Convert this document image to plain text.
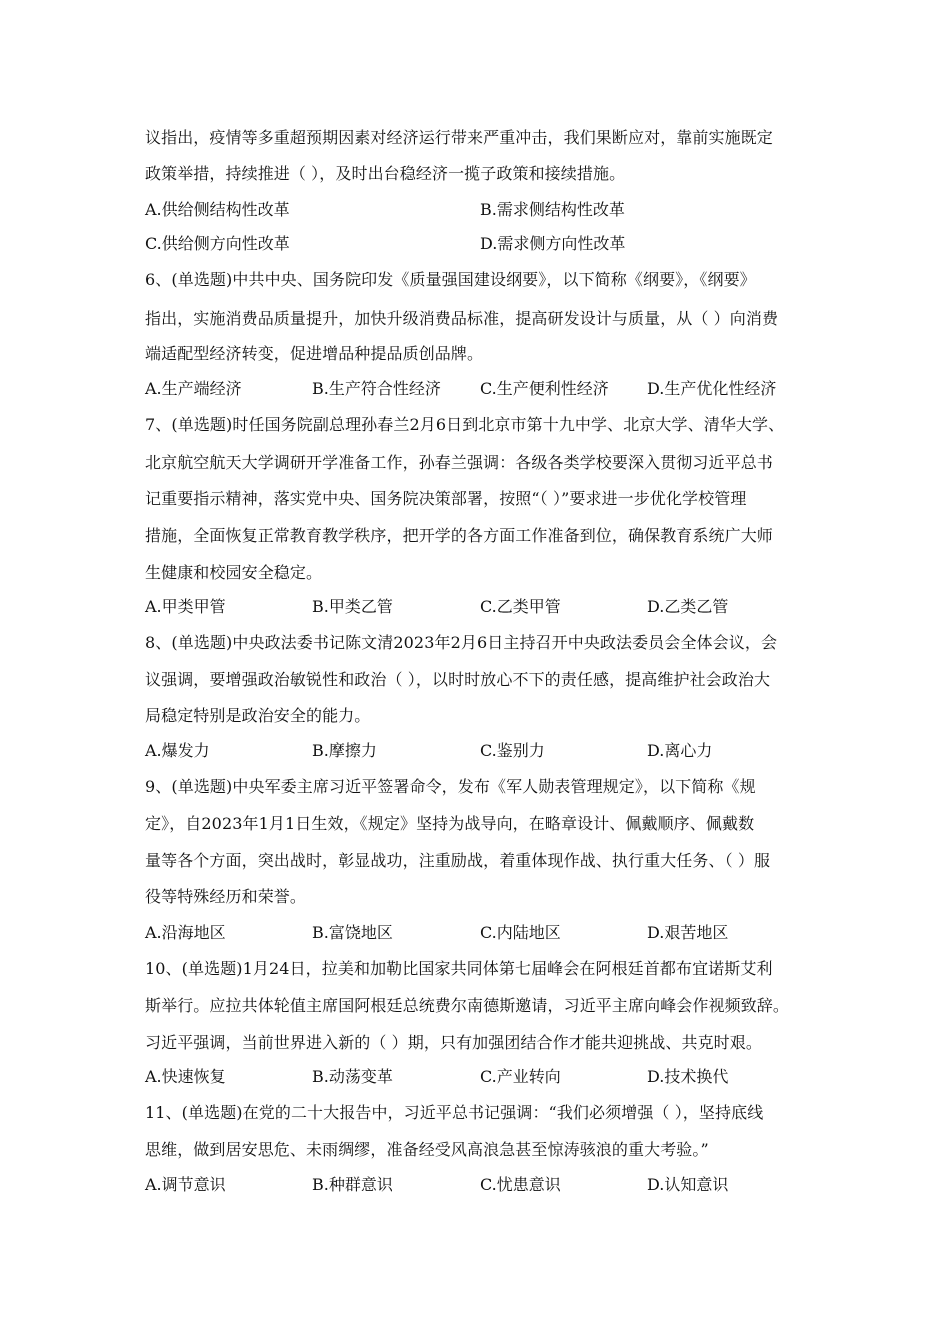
议指出，疫情等多重超预期因素对经济运行带来严重冲击，我们果断应对，靠前实施既定
政策举措，持续推进（ ），及时出台稳经济一揽子政策和接续措施。
A.供给侧结构性改革	B.需求侧结构性改革
C.供给侧方向性改革	D.需求侧方向性改革
6、(单选题)中共中央、国务院印发《质量强国建设纲要》，以下简称《纲要》，《纲要》
指出，实施消费品质量提升，加快升级消费品标准，提高研发设计与质量，从（ ）向消费
端适配型经济转变，促进增品种提品质创品牌。
A.生产端经济	B.生产符合性经济 C.生产便利性经济 D.生产优化性经济
7、(单选题)时任国务院副总理孙春兰2月6日到北京市第十九中学、北京大学、清华大学、
北京航空航天大学调研开学准备工作，孙春兰强调：各级各类学校要深入贯彻习近平总书
记重要指示精神，落实党中央、国务院决策部署，按照“（ ）”要求进一步优化学校管理
措施，全面恢复正常教育教学秩序，把开学的各方面工作准备到位，确保教育系统广大师
生健康和校园安全稳定。
A.甲类甲管	B.甲类乙管	C.乙类甲管	D.乙类乙管
8、(单选题)中央政法委书记陈文清2023年2月6日主持召开中央政法委员会全体会议，会
议强调，要增强政治敏锐性和政治（ ），以时时放心不下的责任感，提高维护社会政治大
局稳定特别是政治安全的能力。
A.爆发力	B.摩擦力	C.鉴别力	D.离心力
9、(单选题)中央军委主席习近平签署命令，发布《军人勋表管理规定》，以下简称《规
定》，自2023年1月1日生效，《规定》坚持为战导向，在略章设计、佩戴顺序、佩戴数
量等各个方面，突出战时，彰显战功，注重励战，着重体现作战、执行重大任务、（ ）服
役等特殊经历和荣誉。
A.沿海地区	B.富饶地区	C.内陆地区	D.艰苦地区
10、(单选题)1月24日，拉美和加勒比国家共同体第七届峰会在阿根廷首都布宜诺斯艾利
斯举行。应拉共体轮值主席国阿根廷总统费尔南德斯邀请，习近平主席向峰会作视频致辞。
习近平强调，当前世界进入新的（ ）期，只有加强团结合作才能共迎挑战、共克时艰。
A.快速恢复	B.动荡变革	C.产业转向	D.技术换代
11、(单选题)在党的二十大报告中，习近平总书记强调：“我们必须增强（ ），坚持底线
思维，做到居安思危、未雨绸缪，准备经受风高浪急甚至惊涛骇浪的重大考验。”
A.调节意识	B.种群意识	C.忧患意识	D.认知意识
